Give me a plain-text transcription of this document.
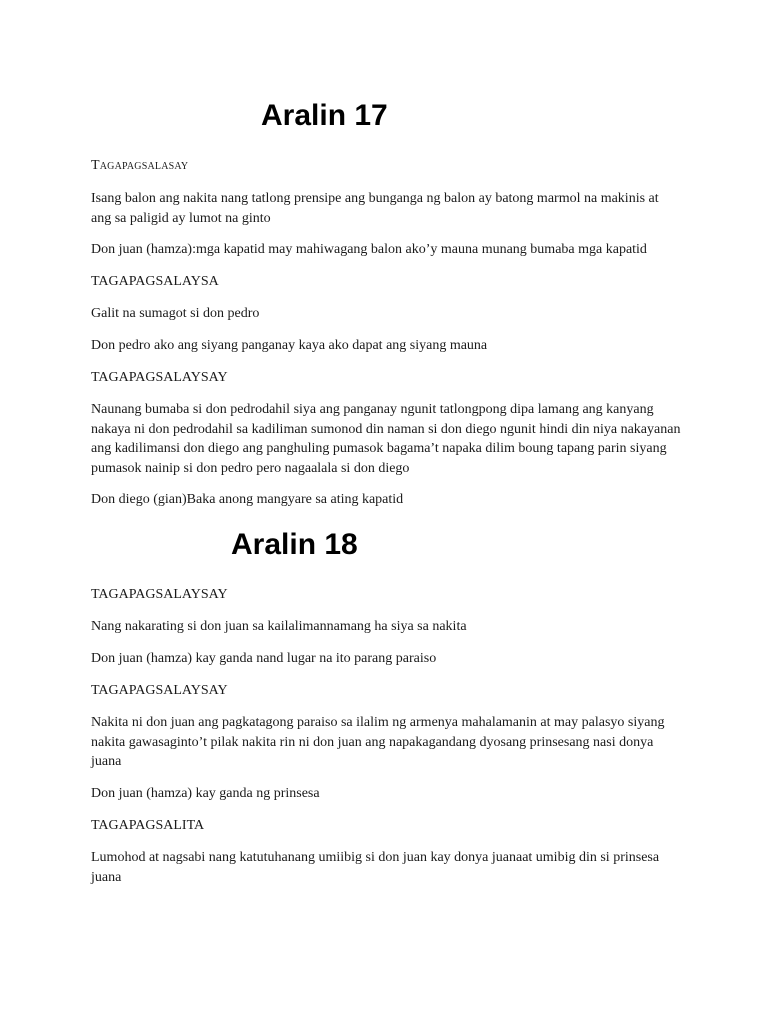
Aralin 17

Tagapagsalasay

Isang balon ang nakita nang tatlong prensipe ang bunganga ng balon ay batong marmol na makinis at ang sa paligid ay lumot na ginto

Don juan (hamza):mga kapatid may mahiwagang balon ako’y mauna munang bumaba mga kapatid

TAGAPAGSALAYSA

Galit na sumagot si don pedro

Don pedro ako ang siyang panganay kaya ako dapat ang siyang mauna

TAGAPAGSALAYSAY

Naunang bumaba si don pedrodahil siya ang panganay ngunit tatlongpong dipa lamang ang kanyang nakaya ni don pedrodahil sa kadiliman sumonod din naman si don diego ngunit hindi din niya nakayanan ang kadilimansi don diego ang panghuling pumasok bagama’t napaka dilim boung tapang parin siyang pumasok nainip si don pedro pero nagaalala si don diego

Don diego (gian)Baka anong mangyare sa ating kapatid

Aralin 18

TAGAPAGSALAYSAY

Nang nakarating si don juan sa kailalimannamang ha siya sa nakita

Don juan (hamza) kay ganda nand lugar na ito parang paraiso

TAGAPAGSALAYSAY

Nakita ni don juan ang pagkatagong paraiso sa ilalim ng armenya mahalamanin at may palasyo siyang nakita gawasaginto’t pilak nakita rin ni don juan ang napakagandang dyosang prinsesang nasi donya juana

Don juan (hamza) kay ganda ng prinsesa

TAGAPAGSALITA

Lumohod at nagsabi nang katutuhanang umiibig si don juan kay donya juanaat umibig din si prinsesa juana
